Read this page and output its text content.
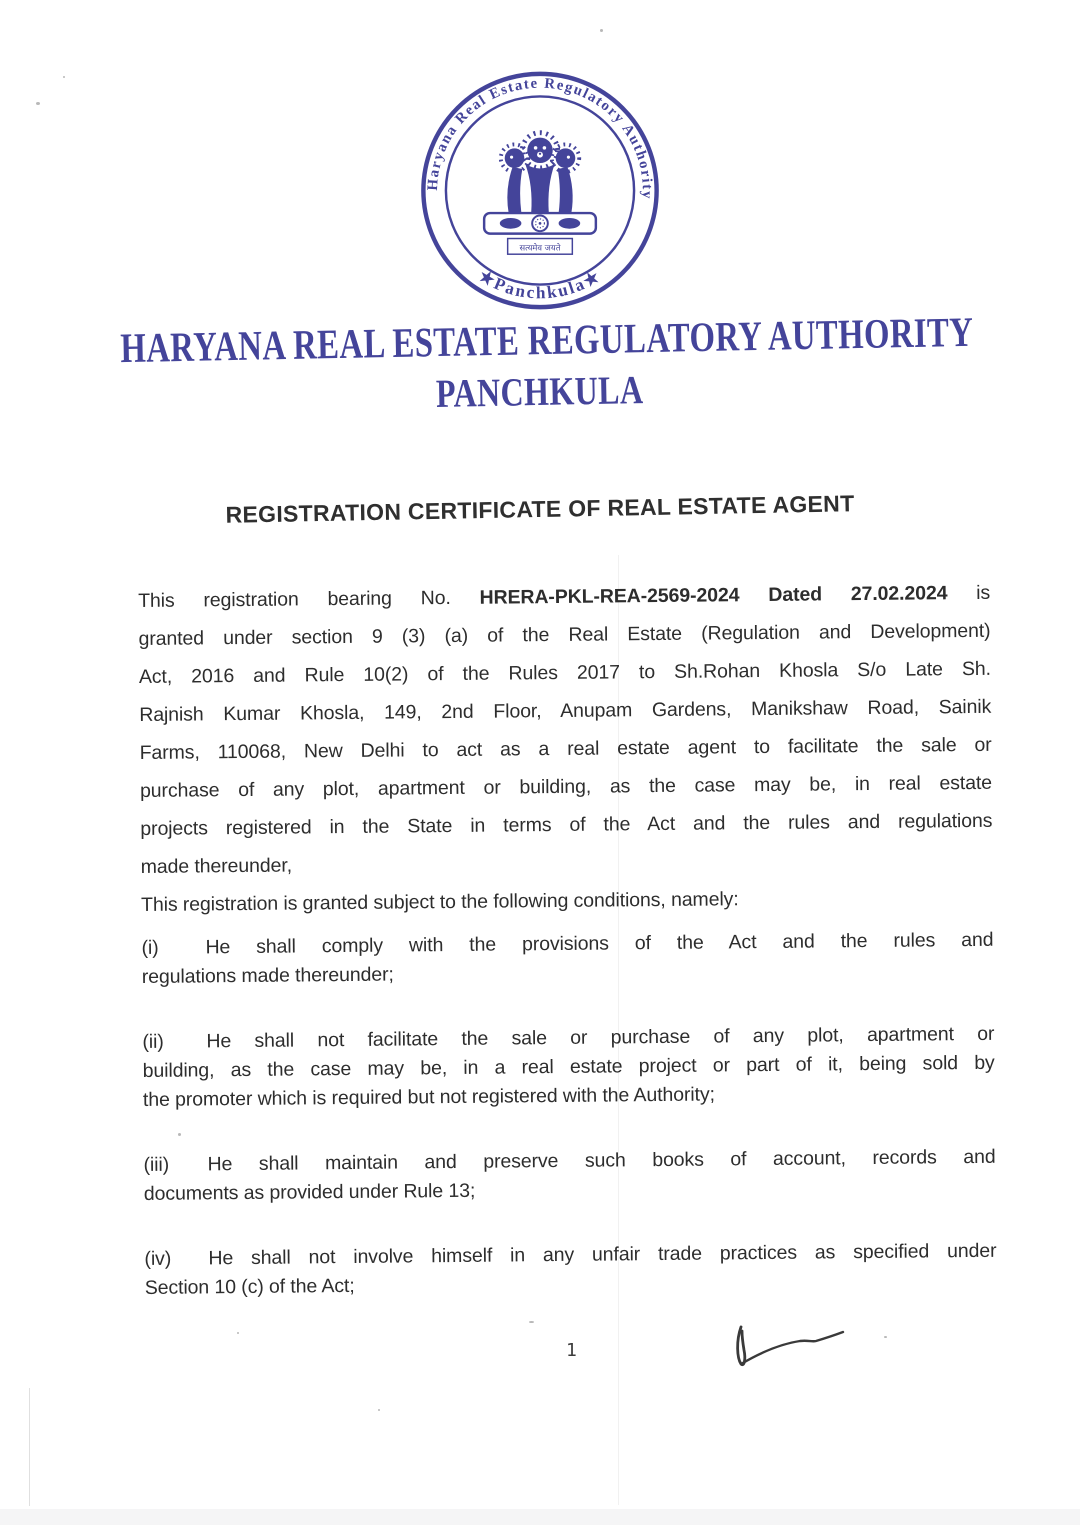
Haryana Real Estate Regulatory Authority
★Panchkula★
सत्यमेव जयते
HARYANA REAL ESTATE REGULATORY AUTHORITY
PANCHKULA
REGISTRATION CERTIFICATE OF REAL ESTATE AGENT
This registration bearing No. HRERA-PKL-REA-2569-2024 Dated 27.02.2024 is
granted under section 9 (3) (a) of the Real Estate (Regulation and Development)
Act, 2016 and Rule 10(2) of the Rules 2017 to Sh.Rohan Khosla S/o Late Sh.
Rajnish Kumar Khosla, 149, 2nd Floor, Anupam Gardens, Manikshaw Road, Sainik
Farms, 110068, New Delhi to act as a real estate agent to facilitate the sale or
purchase of any plot, apartment or building, as the case may be, in real estate
projects registered in the State in terms of the Act and the rules and regulations
made thereunder,
This registration is granted subject to the following conditions, namely:
(i) He shall comply with the provisions of the Act and the rules and
regulations made thereunder;
(ii) He shall not facilitate the sale or purchase of any plot, apartment or
building, as the case may be, in a real estate project or part of it, being sold by
the promoter which is required but not registered with the Authority;
(iii) He shall maintain and preserve such books of account, records and
documents as provided under Rule 13;
(iv) He shall not involve himself in any unfair trade practices as specified under
Section 10 (c) of the Act;
1
